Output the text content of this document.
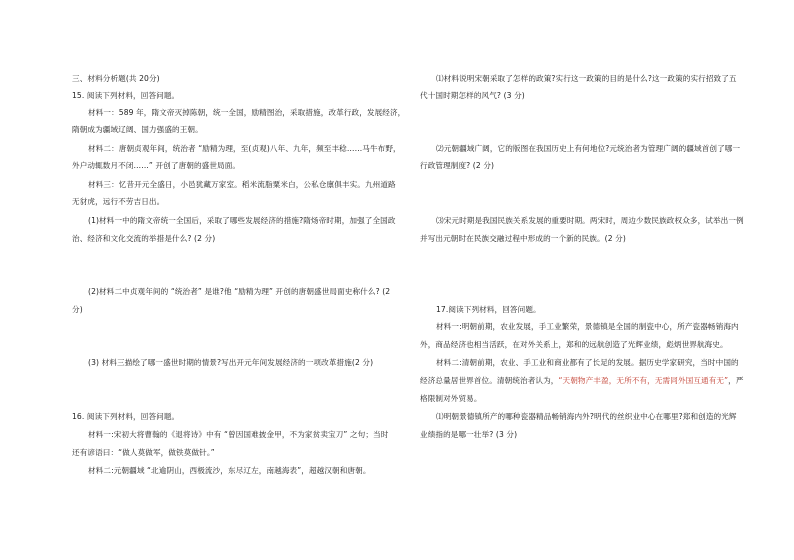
三、材料分析题(共 20分)
15. 阅读下列材料，回答问题。
材料一：589 年，隋文帝灭掉陈朝，统一全国，励精图治，采取措施，改革行政，发展经济，
隋朝成为疆域辽阔、国力强盛的王朝。
材料二：唐朝贞观年间，统治者 “励精为理，至(贞观)八年、九年，频至丰稔……马牛布野，
外户动辄数月不闭……” 开创了唐朝的盛世局面。
材料三：忆昔开元全盛日，小邑犹藏万家室。稻米流脂粟米白，公私仓廪俱丰实。九州道路
无豺虎，远行不劳吉日出。
(1)材料一中的隋文帝统一全国后，采取了哪些发展经济的措施?隋炀帝时期，加强了全国政
治、经济和文化交流的举措是什么? (2 分)
(2)材料二中贞观年间的 “统治者” 是谁?他 “励精为理” 开创的唐朝盛世局面史称什么? (2
分)
(3) 材料三描绘了哪一盛世时期的情景?写出开元年间发展经济的一项改革措施(2 分)
16. 阅读下列材料，回答问题。
材料一:宋初大将曹翰的《退将诗》中有 “曾因国难披金甲，不为家贫卖宝刀” 之句；当时
还有谚语曰：“做人莫做军，做铁莫做针。”
材料二:元朝疆域 “北逾阴山，西极流沙，东尽辽左，南越海表”，超越汉朝和唐朝。
⑴材料说明宋朝采取了怎样的政策?实行这一政策的目的是什么?这一政策的实行招致了五
代十国时期怎样的风气? (3 分)
⑵元朝疆域广阔，它的版图在我国历史上有何地位?元统治者为管理广阔的疆域首创了哪一
行政管理制度? (2 分)
⑶宋元时期是我国民族关系发展的重要时期。两宋时，周边少数民族政权众多，试举出一例
并写出元朝时在民族交融过程中形成的一个新的民族。(2 分)
17.阅读下列材料，回答问题。
材料一:明朝前期，农业发展，手工业繁荣，景德镇是全国的制瓷中心，所产瓷器畅销海内
外，商品经济也相当活跃，在对外关系上，郑和的远航创造了光辉业绩，彪炳世界航海史。
材料二:清朝前期，农业、手工业和商业都有了长足的发展。据历史学家研究，当时中国的
经济总量居世界首位。清朝统治者认为，“天朝物产丰盈，无所不有，无需同外国互通有无”，严
格限制对外贸易。
⑴明朝景德镇所产的哪种瓷器精品畅销海内外?明代的丝织业中心在哪里?郑和创造的光辉
业绩指的是哪一壮举? (3 分)
